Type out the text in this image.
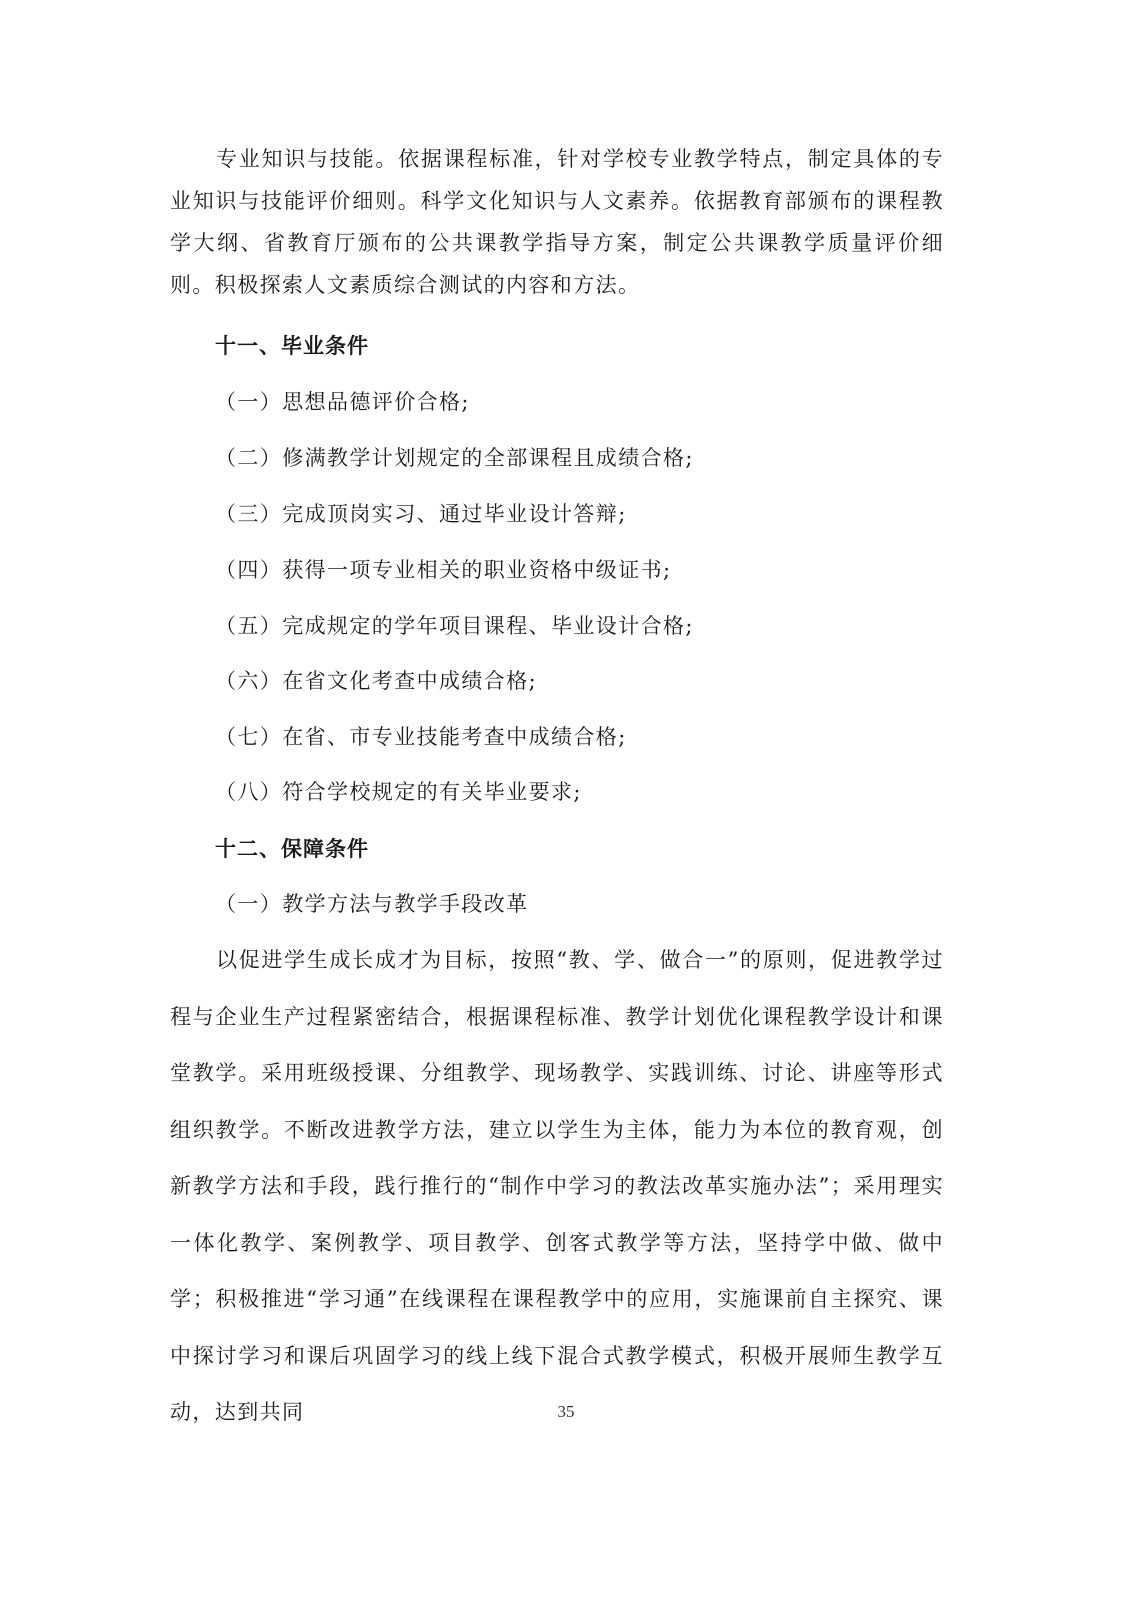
专业知识与技能。依据课程标准，针对学校专业教学特点，制定具体的专业知识与技能评价细则。科学文化知识与人文素养。依据教育部颁布的课程教学大纲、省教育厅颁布的公共课教学指导方案，制定公共课教学质量评价细则。积极探索人文素质综合测试的内容和方法。

十一、毕业条件
（一）思想品德评价合格;
（二）修满教学计划规定的全部课程且成绩合格;
（三）完成顶岗实习、通过毕业设计答辩;
（四）获得一项专业相关的职业资格中级证书;
（五）完成规定的学年项目课程、毕业设计合格;
（六）在省文化考查中成绩合格;
（七）在省、市专业技能考查中成绩合格;
（八）符合学校规定的有关毕业要求;
十二、保障条件
（一）教学方法与教学手段改革

以促进学生成长成才为目标，按照“教、学、做合一”的原则，促进教学过程与企业生产过程紧密结合，根据课程标准、教学计划优化课程教学设计和课堂教学。采用班级授课、分组教学、现场教学、实践训练、讨论、讲座等形式组织教学。不断改进教学方法，建立以学生为主体，能力为本位的教育观，创新教学方法和手段，践行推行的“制作中学习的教法改革实施办法”；采用理实一体化教学、案例教学、项目教学、创客式教学等方法，坚持学中做、做中学；积极推进“学习通”在线课程在课程教学中的应用，实施课前自主探究、课中探讨学习和课后巩固学习的线上线下混合式教学模式，积极开展师生教学互动，达到共同	35
